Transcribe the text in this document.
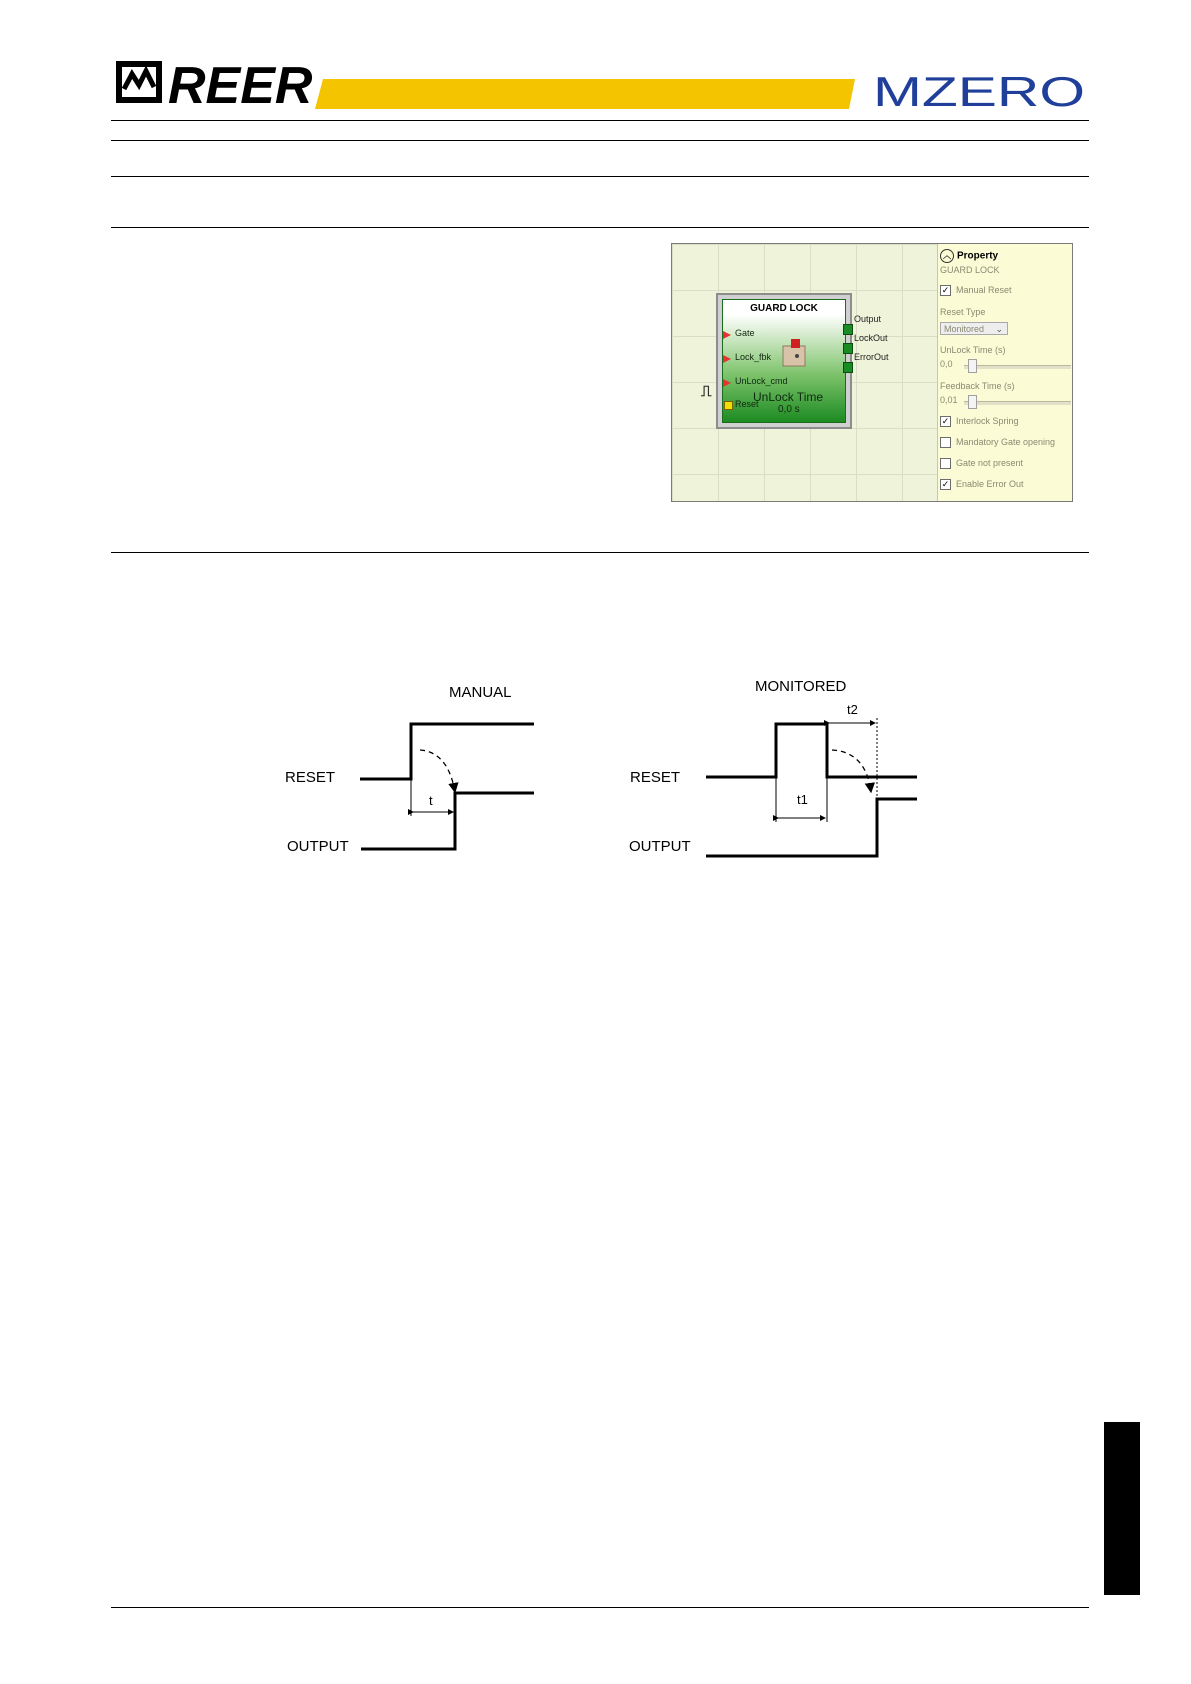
REER	MZERO
⎍
GUARD LOCK
Gate
Lock_fbk
UnLock_cmd
Reset
UnLock Time
0,0 s
Output
LockOut
ErrorOut
︿ Property
GUARD LOCK
✓ Manual Reset
Reset Type
Monitored ⌄
UnLock Time (s)
0,0
Feedback Time (s)
0,01
✓ Interlock Spring
Mandatory Gate opening
Gate not present
✓ Enable Error Out
MANUAL
RESET
OUTPUT
t
MONITORED
RESET
OUTPUT
t1
t2
